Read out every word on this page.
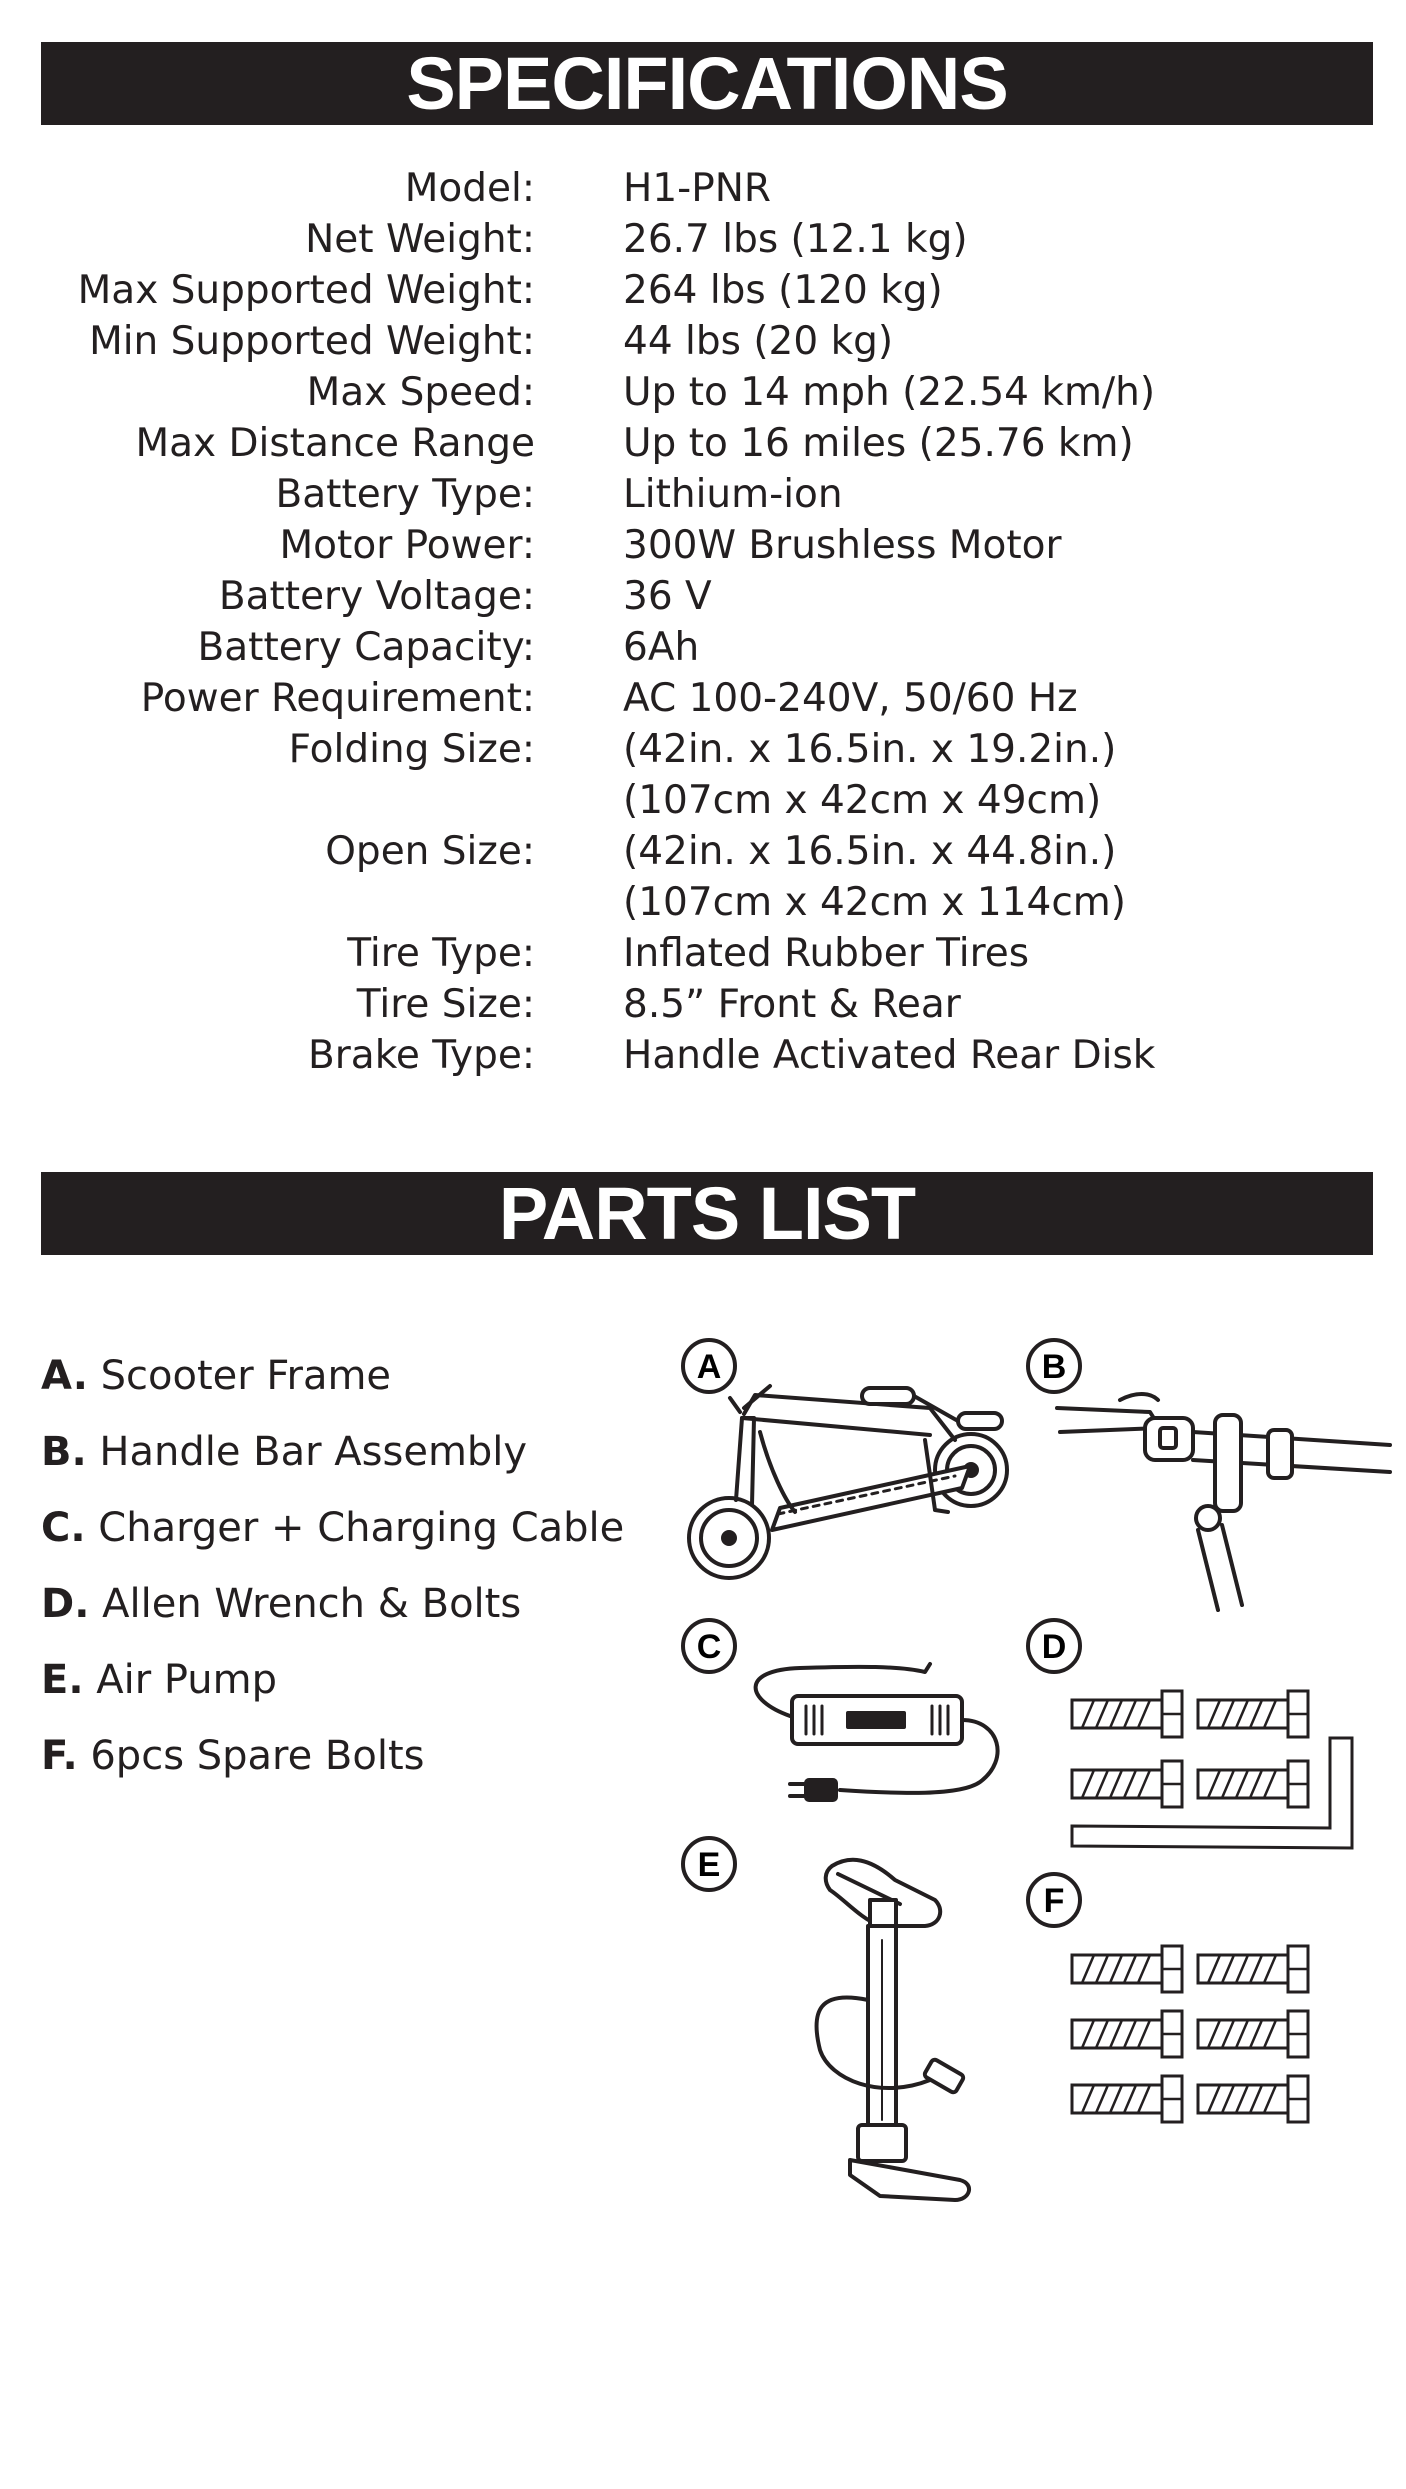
SPECIFICATIONS
Model: H1-PNR
Net Weight: 26.7 lbs (12.1 kg)
Max Supported Weight: 264 lbs (120 kg)
Min Supported Weight: 44 lbs (20 kg)
Max Speed: Up to 14 mph (22.54 km/h)
Max Distance Range Up to 16 miles (25.76 km)
Battery Type: Lithium-ion
Motor Power: 300W Brushless Motor
Battery Voltage: 36 V
Battery Capacity: 6Ah
Power Requirement: AC 100-240V, 50/60 Hz
Folding Size: (42in. x 16.5in. x 19.2in.)
(107cm x 42cm x 49cm)
Open Size: (42in. x 16.5in. x 44.8in.)
(107cm x 42cm x 114cm)
Tire Type: Inflated Rubber Tires
Tire Size: 8.5” Front & Rear
Brake Type: Handle Activated Rear Disk
PARTS LIST
A. Scooter Frame
B. Handle Bar Assembly
C. Charger + Charging Cable
D. Allen Wrench & Bolts
E. Air Pump
F. 6pcs Spare Bolts
A	B
C	D
E
F
